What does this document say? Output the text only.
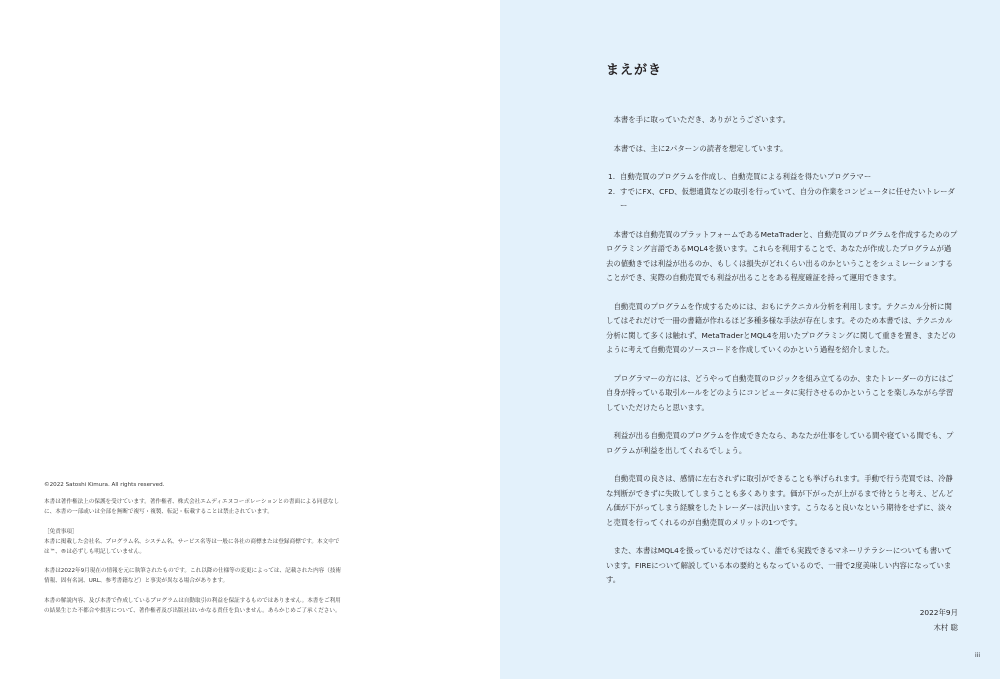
©2022 Satoshi Kimura. All rights reserved.

本書は著作権法上の保護を受けています。著作権者、株式会社エムディエヌコーポレーションとの書面による同意なしに、本書の一部或いは全部を無断で複写・複製、転記・転載することは禁止されています。

［免責事項］

本書に掲載した会社名、プログラム名、システム名、サービス名等は一般に各社の商標または登録商標です。本文中では™、®は必ずしも明記していません。

本書は2022年9月現在の情報を元に執筆されたものです。これ以降の仕様等の変更によっては、記載された内容（技術情報、固有名詞、URL、参考書籍など）と事実が異なる場合があります。

本書の解説内容、及び本書で作成しているプログラムは自動取引の利益を保証するものではありません。本書をご利用の結果生じた不都合や損害について、著作権者及び出版社はいかなる責任を負いません。あらかじめご了承ください。

まえがき

本書を手に取っていただき、ありがとうございます。

本書では、主に2パターンの読者を想定しています。

1. 自動売買のプログラムを作成し、自動売買による利益を得たいプログラマー
2. すでにFX、CFD、仮想通貨などの取引を行っていて、自分の作業をコンピュータに任せたいトレーダー

本書では自動売買のプラットフォームであるMetaTraderと、自動売買のプログラムを作成するためのプログラミング言語であるMQL4を扱います。これらを利用することで、あなたが作成したプログラムが過去の値動きでは利益が出るのか、もしくは損失がどれくらい出るのかということをシュミレーションすることができ、実際の自動売買でも利益が出ることをある程度確証を持って運用できます。

自動売買のプログラムを作成するためには、おもにテクニカル分析を利用します。テクニカル分析に関してはそれだけで一冊の書籍が作れるほど多種多様な手法が存在します。そのため本書では、テクニカル分析に関して多くは触れず、MetaTraderとMQL4を用いたプログラミングに関して重きを置き、またどのように考えて自動売買のソースコードを作成していくのかという過程を紹介しました。

プログラマーの方には、どうやって自動売買のロジックを組み立てるのか、またトレーダーの方にはご自身が持っている取引ルールをどのようにコンピュータに実行させるのかということを楽しみながら学習していただけたらと思います。

利益が出る自動売買のプログラムを作成できたなら、あなたが仕事をしている間や寝ている間でも、プログラムが利益を出してくれるでしょう。

自動売買の良さは、感情に左右されずに取引ができることも挙げられます。手動で行う売買では、冷静な判断ができずに失敗してしまうことも多くあります。価が下がったが上がるまで待とうと考え、どんどん価が下がってしまう経験をしたトレーダーは沢山います。こうなると良いなという期待をせずに、淡々と売買を行ってくれるのが自動売買のメリットの1つです。

また、本書はMQL4を扱っているだけではなく、誰でも実践できるマネーリテラシーについても書いています。FIREについて解説している本の要約ともなっているので、一冊で2度美味しい内容になっています。

2022年9月
木村 聡
iii
